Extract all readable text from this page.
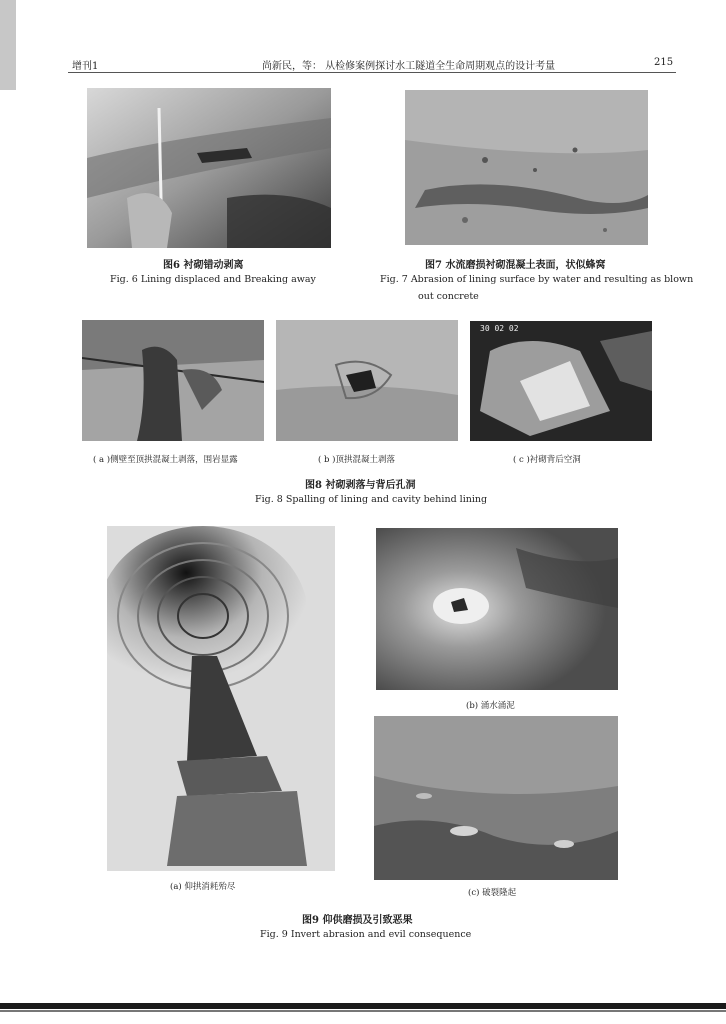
增刊1	尚新民，等： 从检修案例探讨水工隧道全生命周期观点的设计考量	215
图6 衬砌错动剥离
Fig. 6 Lining displaced and Breaking away
图7 水流磨损衬砌混凝土表面，状似蜂窝
Fig. 7 Abrasion of lining surface by water and resulting as blown
out concrete
30 02 02
( a )侧壁至顶拱混凝土剥落，围岩显露	( b )顶拱混凝土剥落	( c )衬砌背后空洞
图8 衬砌剥落与背后孔洞
Fig. 8 Spalling of lining and cavity behind lining
(b) 涌水涌泥
(a) 仰拱消耗殆尽
(c) 破裂隆起
图9 仰供磨损及引致恶果
Fig. 9 Invert abrasion and evil consequence
